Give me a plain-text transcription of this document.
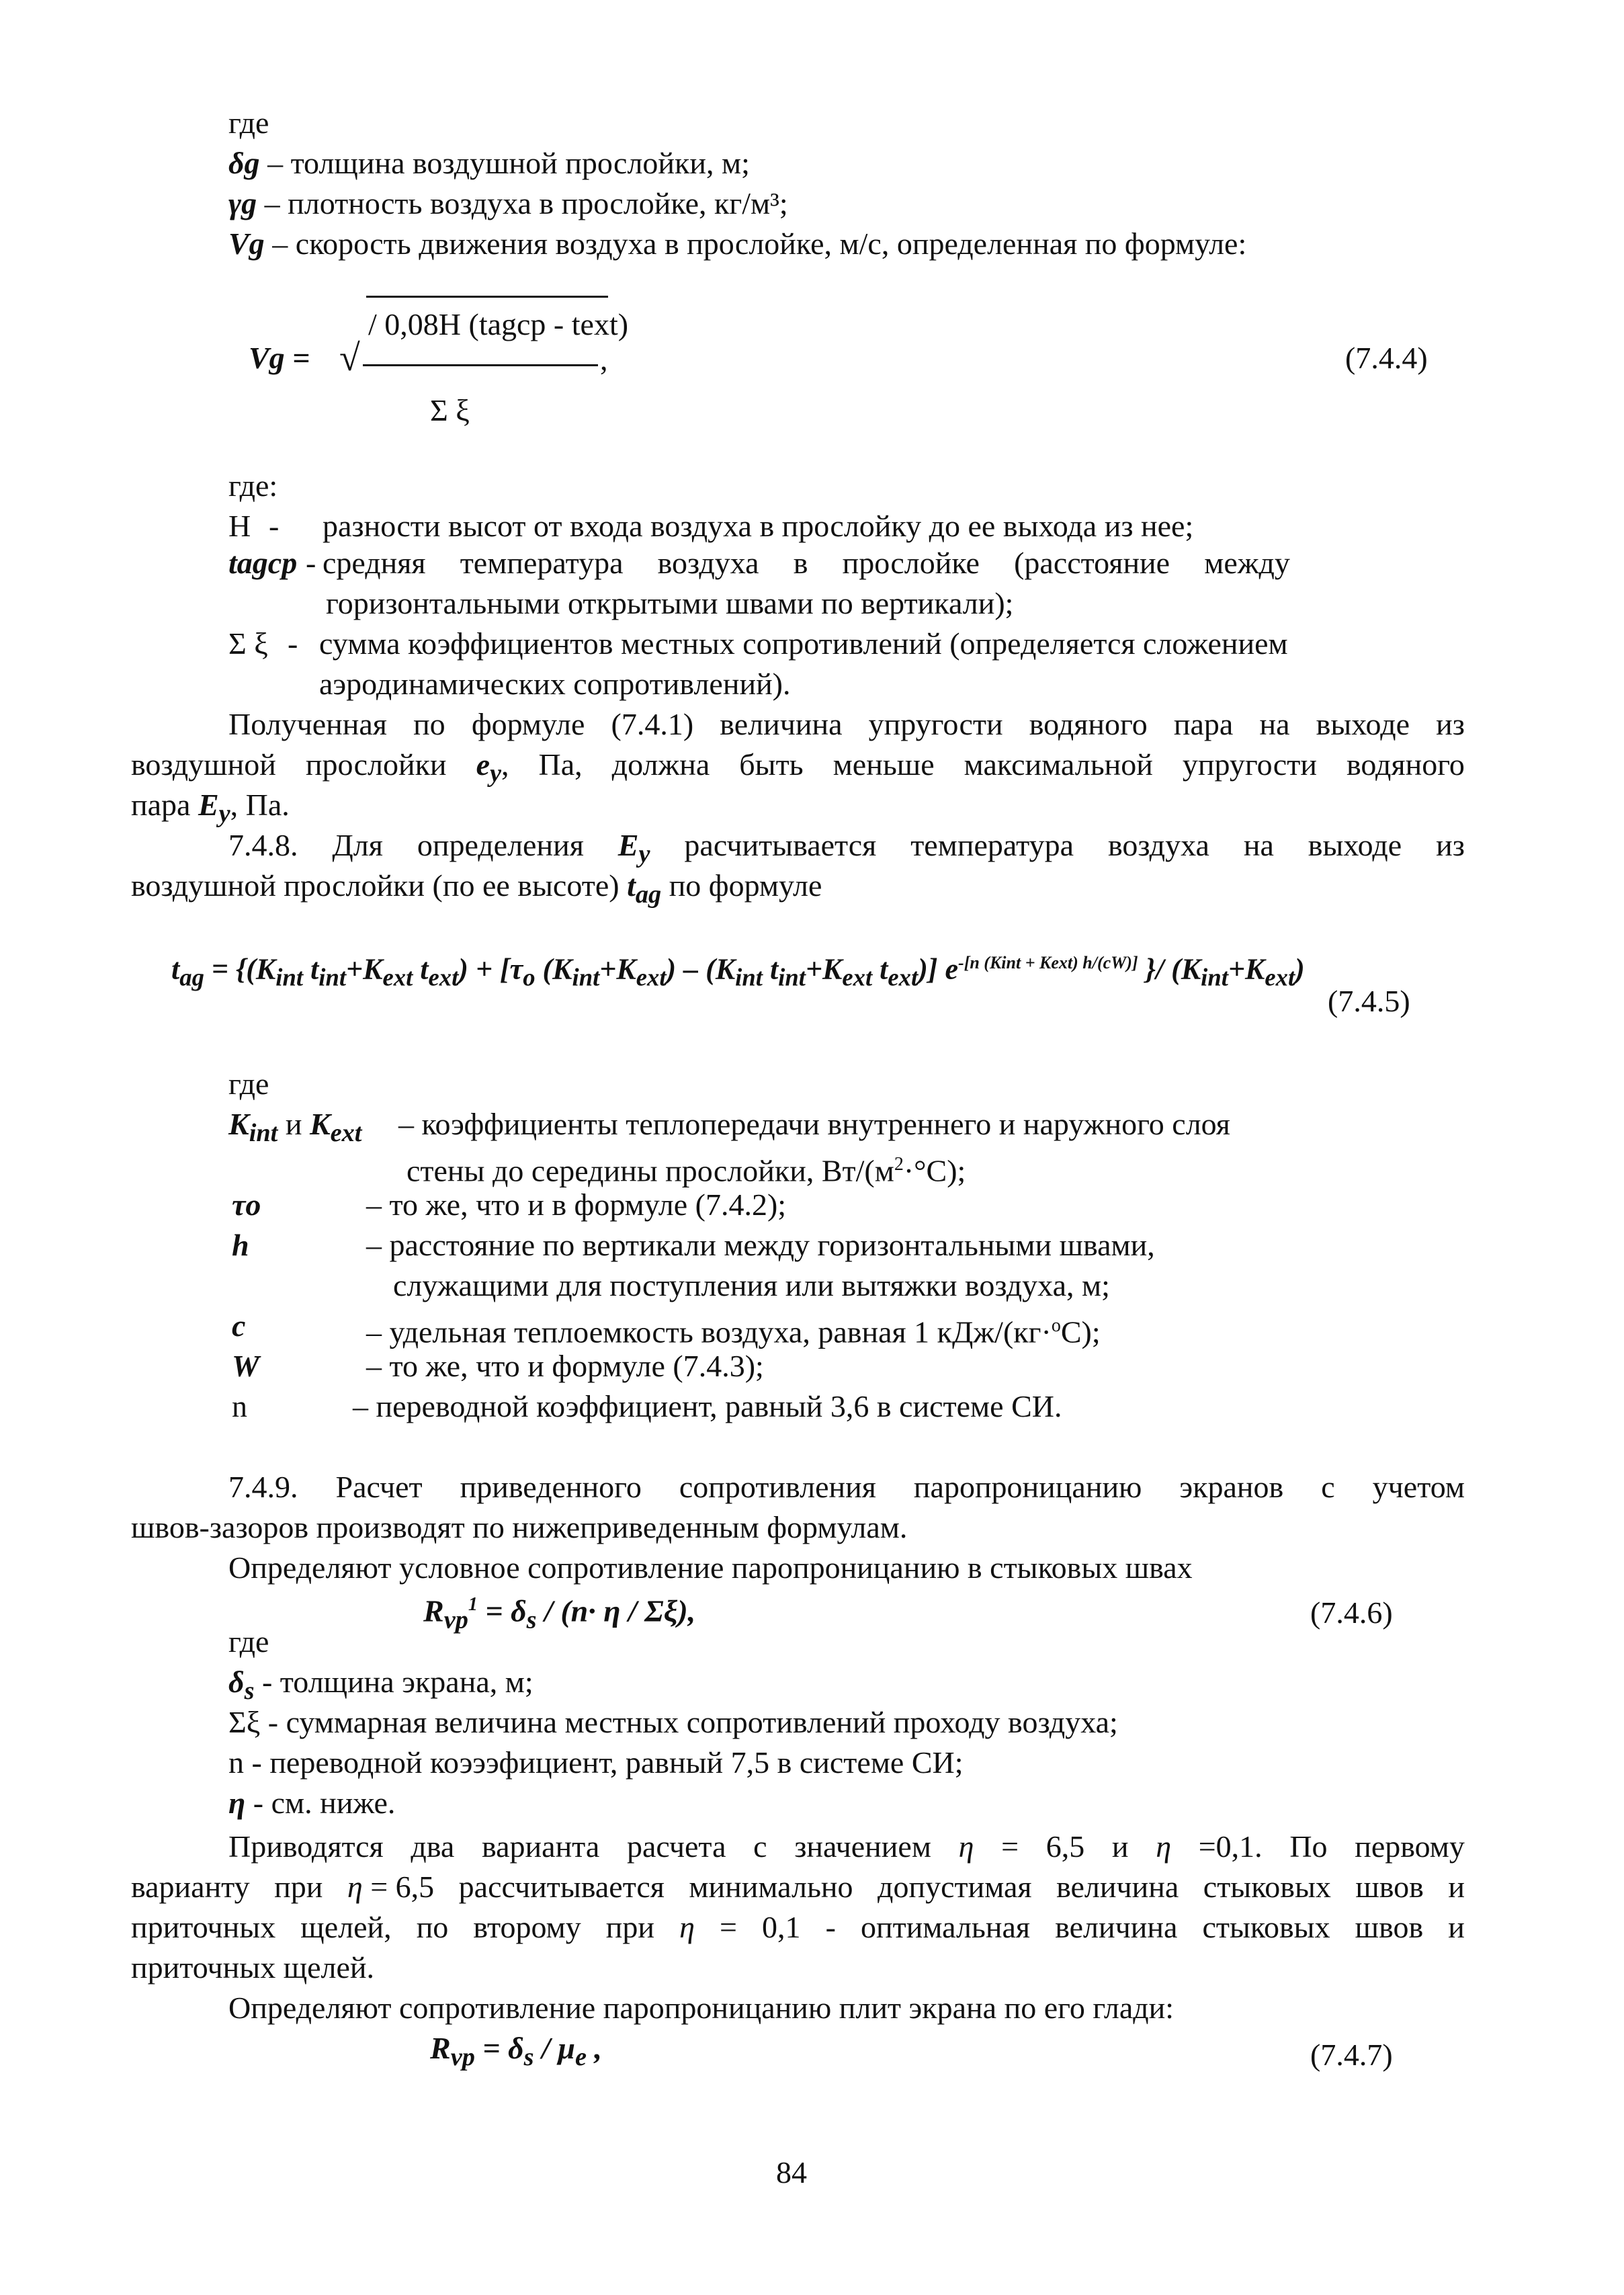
где
δg – толщина воздушной прослойки, м;
γg – плотность воздуха в прослойке, кг/м³;
Vg – скорость движения воздуха в прослойке, м/с, определенная по формуле:
/ 0,08H (tagcp - text)
Vg = √	,	(7.4.4)
Σ ξ
где:
Н - разности высот от входа воздуха в прослойку до ее выхода из нее;
tagcp - средняя температура воздуха в прослойке (расстояние между
горизонтальными открытыми швами по вертикали);
Σ ξ - сумма коэффициентов местных сопротивлений (определяется сложением
аэродинамических сопротивлений).
Полученная по формуле (7.4.1) величина упругости водяного пара на выходе из
воздушной прослойки $e_y$, Па, должна быть меньше максимальной упругости водяного
пара $E_y$, Па.
7.4.8. Для определения $E_y$ расчитывается температура воздуха на выходе из
воздушной прослойки (по ее высоте) $t_{ag}$ по формуле
$t_{ag} = \{(K_{int}$ $t_{int}+K_{ext}$ $t_{ext}) + [\tau_o$ $(K_{int}+K_{ext}) - (K_{int}$ $t_{int}+K_{ext}$ $t_{ext}$)] $e^{-[n (Kint + Kext) h/(cW)]}$ }/ $(K_{int}+K_{ext})$
(7.4.5)
где
$K_{int}$ и $K_{ext}$ – коэффициенты теплопередачи внутреннего и наружного слоя
стены до середины прослойки, $Вт/(м^2\cdot^\circ С)$;
τo	– то же, что и в формуле (7.4.2);
h	– расстояние по вертикали между горизонтальными швами,
служащими для поступления или вытяжки воздуха, м;
c	– удельная теплоемкость воздуха, равная 1 кДж/(кг·$^о$С);
W	– то же, что и формуле (7.4.3);
n	– переводной коэффициент, равный 3,6 в системе СИ.
7.4.9. Расчет приведенного сопротивления паропроницанию экранов с учетом
швов-зазоров производят по нижеприведенным формулам.
Определяют условное сопротивление паропроницанию в стыковых швах
$R_{vp}^1 = \delta_s / (n\cdot \eta / \Sigma\xi)$,	(7.4.6)
где
$\delta_s$ - толщина экрана, м;
Σξ - суммарная величина местных сопротивлений проходу воздуха;
n - переводной коэээфициент, равный 7,5 в системе СИ;
η - см. ниже.
Приводятся два варианта расчета с значением η = 6,5 и η =0,1. По первому
варианту при η = 6,5 рассчитывается минимально допустимая величина стыковых швов и
приточных щелей, по второму при η = 0,1 - оптимальная величина стыковых швов и
приточных щелей.
Определяют сопротивление паропроницанию плит экрана по его глади:
$R_{vp} = \delta_s / \mu_e$ ,	(7.4.7)
84
